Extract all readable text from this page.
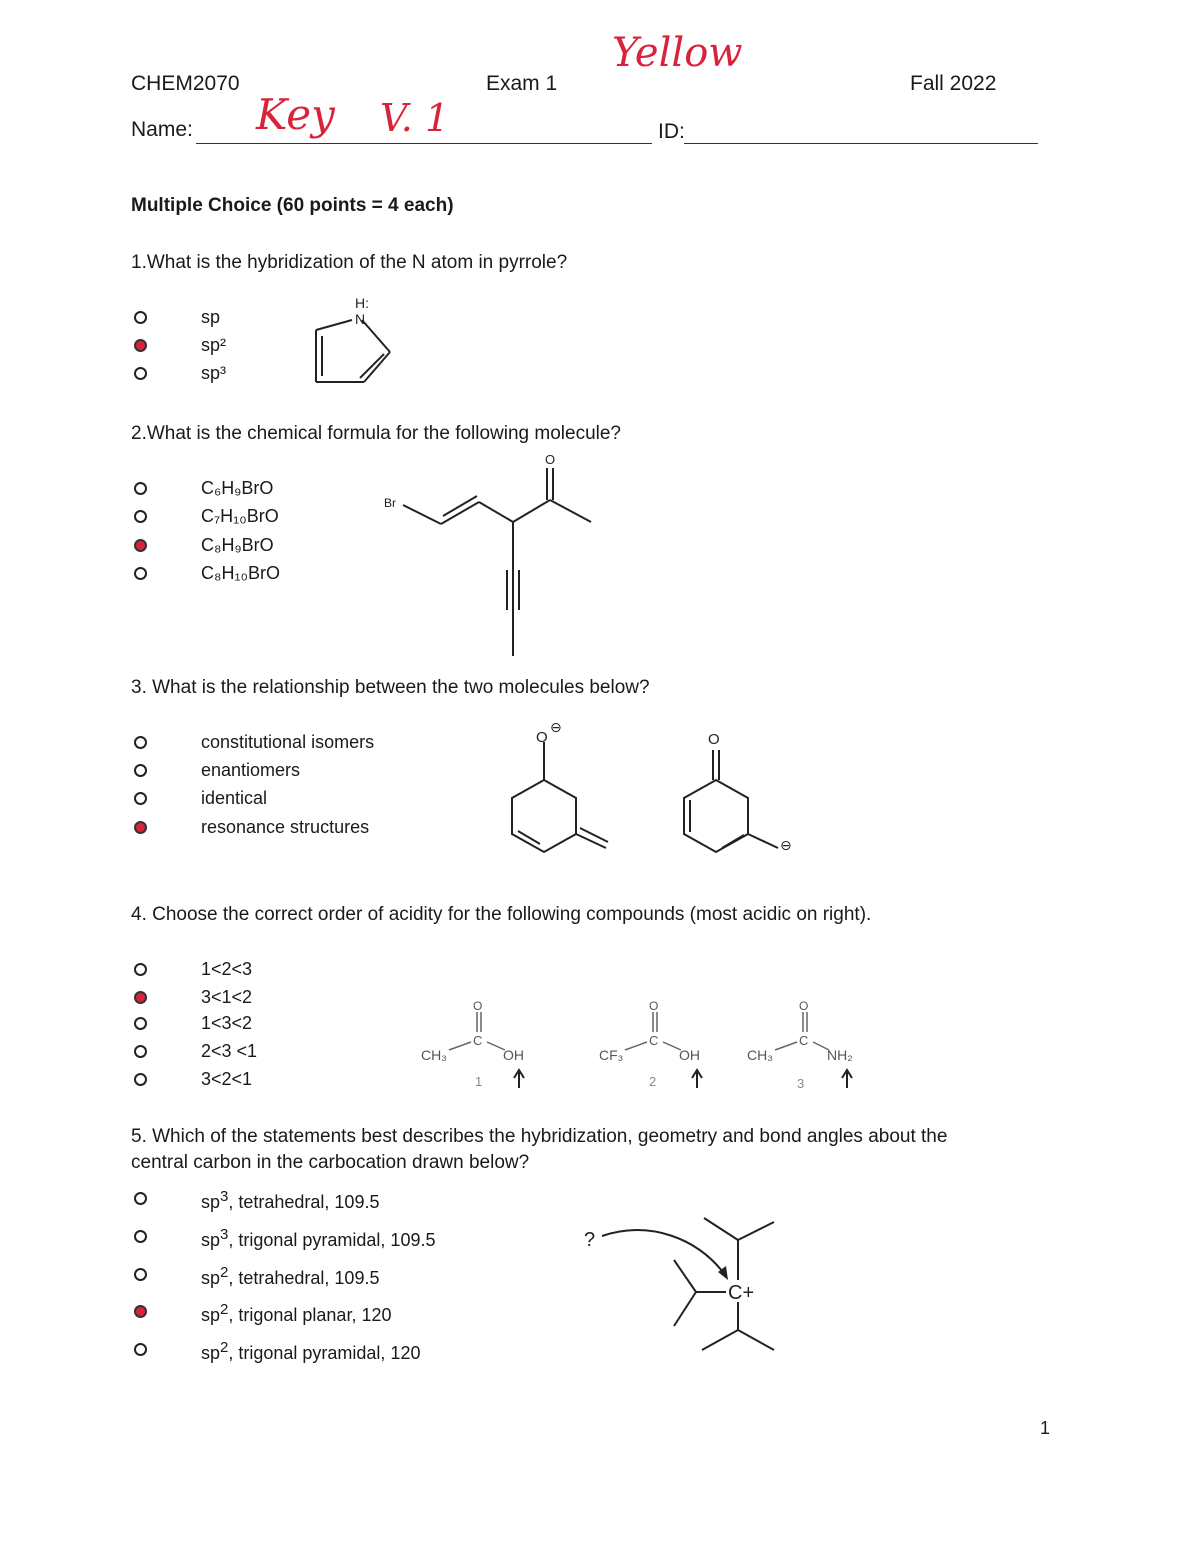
CHEM2070	Exam 1	Fall 2022
Yellow
Name: Key V. 1	ID:
Multiple Choice (60 points = 4 each)
1.What is the hybridization of the N atom in pyrrole?
sp
sp²
sp³
H:
N
2.What is the chemical formula for the following molecule?
C₆H₉BrO
C₇H₁₀BrO
C₈H₉BrO
C₈H₁₀BrO
Br
O
3. What is the relationship between the two molecules below?
constitutional isomers
enantiomers
identical
resonance structures
O
⊖
O
⊖
4. Choose the correct order of acidity for the following compounds (most acidic on right).
1<2<3
3<1<2
1<3<2
2<3 <1
3<2<1
O
C
CH₃	OH
1
O
C
CF₃	OH
2
O
C
CH₃	NH₂
3
5. Which of the statements best describes the hybridization, geometry and bond angles about the
central carbon in the carbocation drawn below?
$sp^3$, tetrahedral, 109.5
$sp^3$, trigonal pyramidal, 109.5
$sp^2$, tetrahedral, 109.5
$sp^2$, trigonal planar, 120
$sp^2$, trigonal pyramidal, 120
?
C+
1
